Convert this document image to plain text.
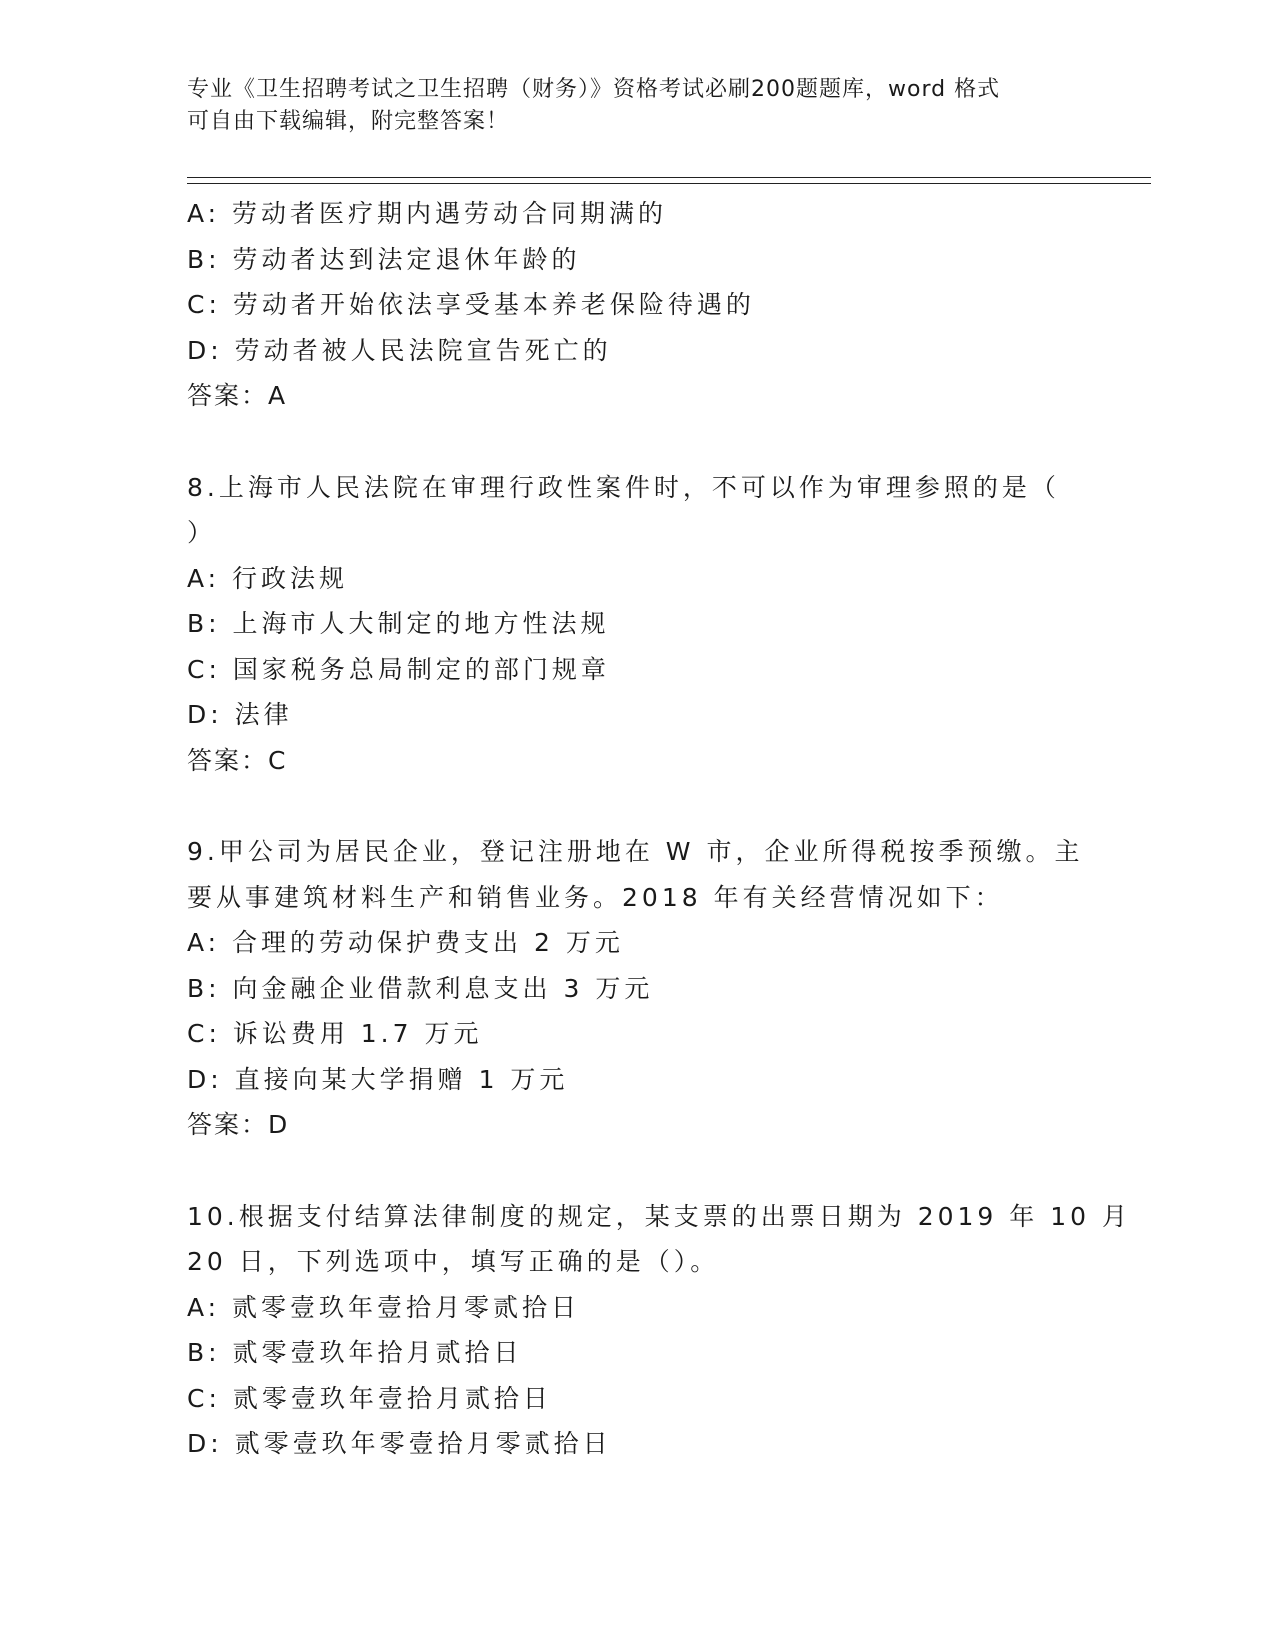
专业《卫生招聘考试之卫生招聘（财务）》资格考试必刷200题题库，word 格式
可自由下载编辑，附完整答案！
A: 劳动者医疗期内遇劳动合同期满的
B: 劳动者达到法定退休年龄的
C: 劳动者开始依法享受基本养老保险待遇的
D: 劳动者被人民法院宣告死亡的
答案：A
8.上海市人民法院在审理行政性案件时，不可以作为审理参照的是（
）
A: 行政法规
B: 上海市人大制定的地方性法规
C: 国家税务总局制定的部门规章
D: 法律
答案：C
9.甲公司为居民企业，登记注册地在 W 市，企业所得税按季预缴。主
要从事建筑材料生产和销售业务。2018 年有关经营情况如下：
A: 合理的劳动保护费支出 2 万元
B: 向金融企业借款利息支出 3 万元
C: 诉讼费用 1.7 万元
D: 直接向某大学捐赠 1 万元
答案：D
10.根据支付结算法律制度的规定，某支票的出票日期为 2019 年 10 月
20 日，下列选项中，填写正确的是（）。
A: 贰零壹玖年壹拾月零贰拾日
B: 贰零壹玖年拾月贰拾日
C: 贰零壹玖年壹拾月贰拾日
D: 贰零壹玖年零壹拾月零贰拾日
